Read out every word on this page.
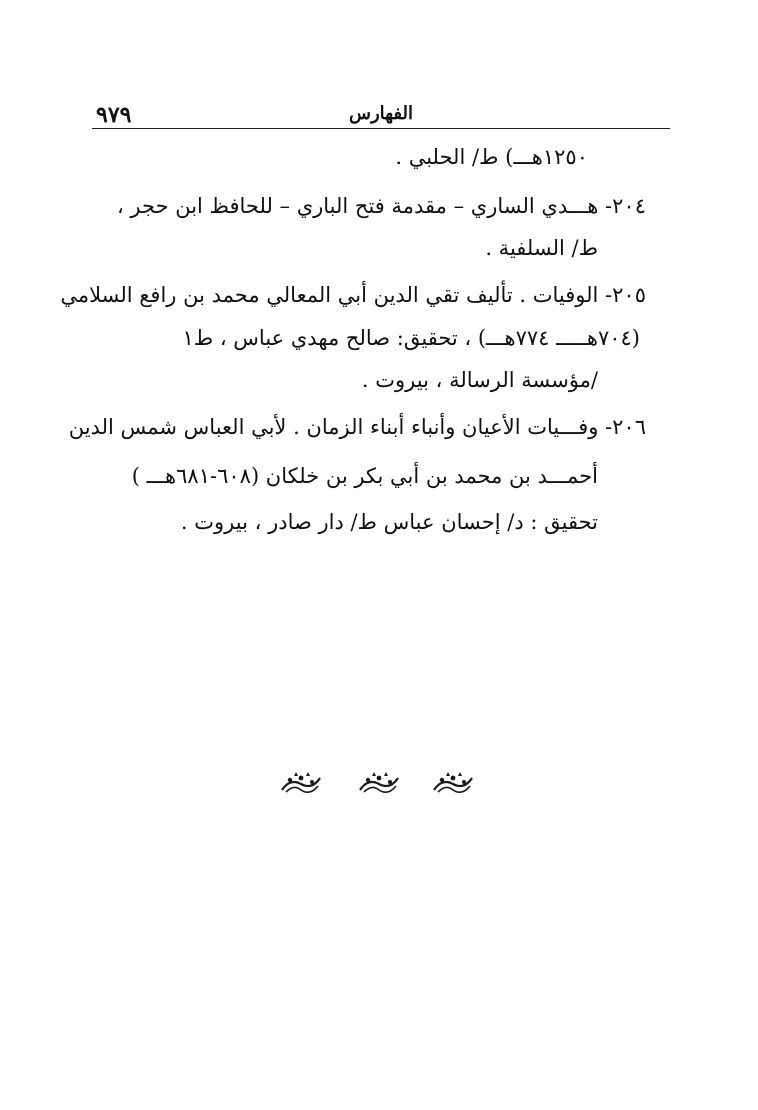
٩٧٩	الفهارس
١٢٥٠هـــ) ط/ الحلبي .
٢٠٤- هـــدي الساري – مقدمة فتح الباري – للحافظ ابن حجر ،
ط/ السلفية .
٢٠٥- الوفيات . تأليف تقي الدين أبي المعالي محمد بن رافع السلامي
(٧٠٤هـــــ ٧٧٤هـــ) ، تحقيق: صالح مهدي عباس ، ط١
/مؤسسة الرسالة ، بيروت .
٢٠٦- وفـــيات الأعيان وأنباء أبناء الزمان . لأبي العباس شمس الدين
أحمـــد بن محمد بن أبي بكر بن خلكان (٦٠٨-٦٨١هـــ )
تحقيق : د/ إحسان عباس ط/ دار صادر ، بيروت .
